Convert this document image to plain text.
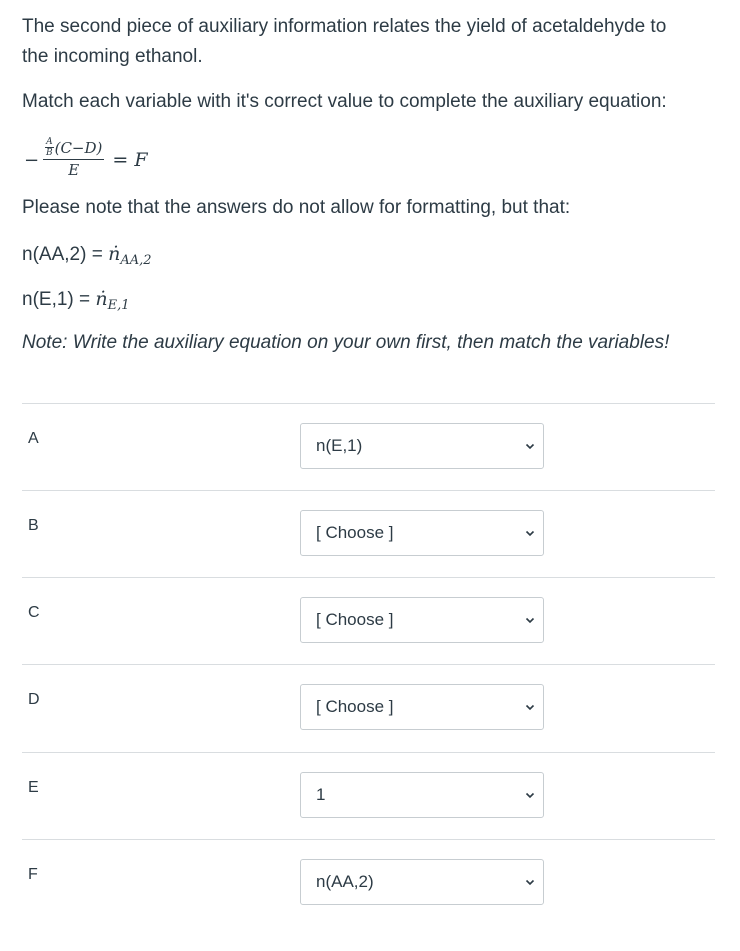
The second piece of auxiliary information relates the yield of acetaldehyde to

the incoming ethanol.

Match each variable with it's correct value to complete the auxiliary equation:

− $\frac{\frac{A}{B} (C-D)}{E} = F$

Please note that the answers do not allow for formatting, but that:

n(AA,2) = ṅ$_{AA,2}$

n(E,1) = ṅ$_{E,1}$

Note: Write the auxiliary equation on your own first, then match the variables!

A	n(E,1)
B	[ Choose ]
C	[ Choose ]
D	[ Choose ]
E	1
F	n(AA,2)
